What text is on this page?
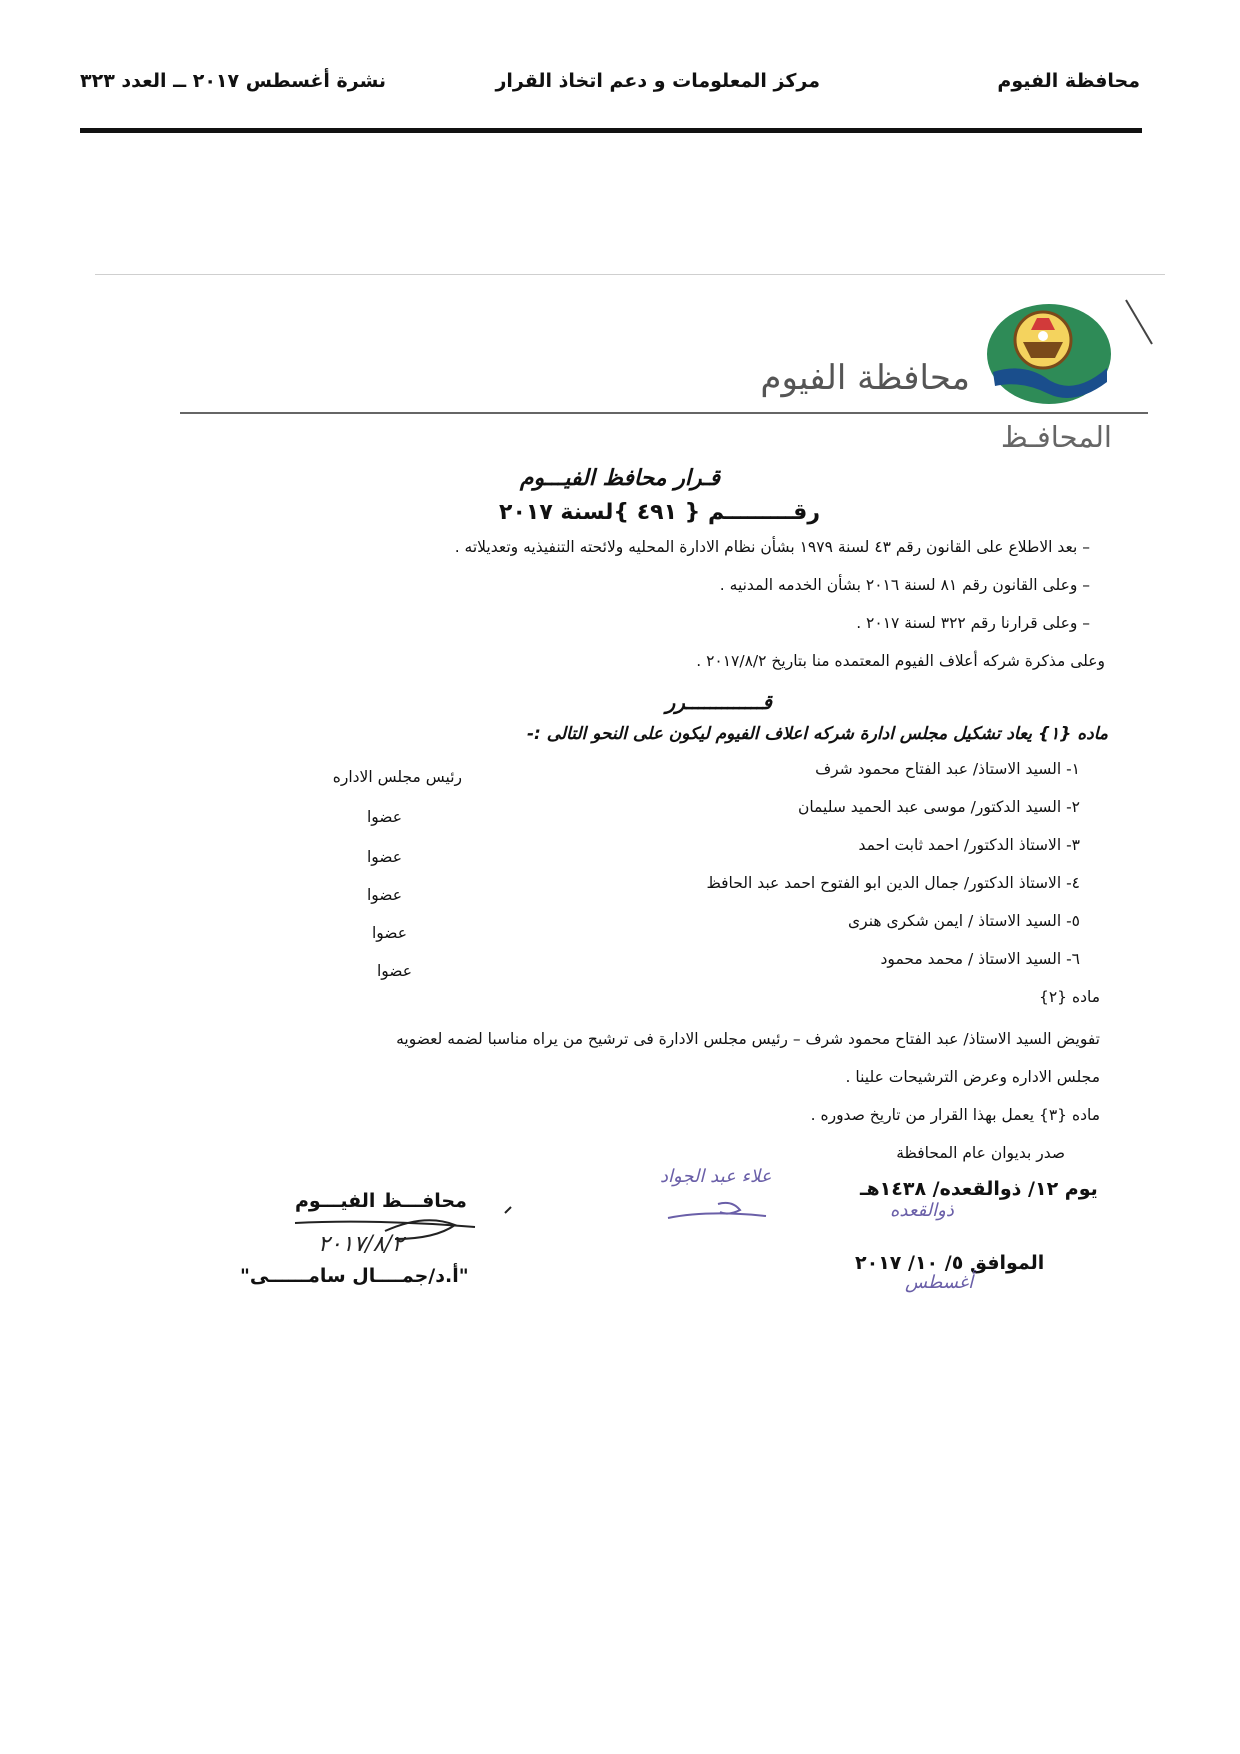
محافظة الفيوم
مركز المعلومات و دعم اتخاذ القرار
نشرة أغسطس ٢٠١٧ ــ العدد ٣٢٣
محافظة الفيوم
المحافـظ
قـرار محافظ الفيـــوم
رقـــــــــم { ٤٩١ }لسنة ٢٠١٧
– بعد الاطلاع على القانون رقم ٤٣ لسنة ١٩٧٩ بشأن نظام الادارة المحليه ولائحته التنفيذيه وتعديلاته .
– وعلى القانون رقم ٨١ لسنة ٢٠١٦ بشأن الخدمه المدنيه .
– وعلى قرارنا رقم ٣٢٢ لسنة ٢٠١٧ .
وعلى مذكرة شركه أعلاف الفيوم المعتمده منا بتاريخ ٢٠١٧/٨/٢ .
قـــــــــــــرر
ماده {١} يعاد تشكيل مجلس ادارة شركه اعلاف الفيوم ليكون على النحو التالى :-
١- السيد الاستاذ/ عبد الفتاح محمود شرف
رئيس مجلس الاداره
٢- السيد الدكتور/ موسى عبد الحميد سليمان
عضوا
٣- الاستاذ الدكتور/ احمد ثابت احمد
عضوا
٤- الاستاذ الدكتور/ جمال الدين ابو الفتوح احمد عبد الحافظ
عضوا
٥- السيد الاستاذ / ايمن شكرى هنرى
عضوا
٦- السيد الاستاذ / محمد محمود
عضوا
ماده {٢}
تفويض السيد الاستاذ/ عبد الفتاح محمود شرف – رئيس مجلس الادارة فى ترشيح من يراه مناسبا لضمه لعضويه
مجلس الاداره وعرض الترشيحات علينا .
ماده {٣} يعمل بهذا القرار من تاريخ صدوره .
صدر بديوان عام المحافظة
يوم ١٢/ ذوالقعده/ ١٤٣٨هـ
ذوالقعده
الموافق ٥/ ١٠/ ٢٠١٧
أغسطس
علاء عبد الجواد
محافـــظ الفيـــوم
٢٠١٧/٨/٢
"أ.د/جمــــال سامــــــى"
